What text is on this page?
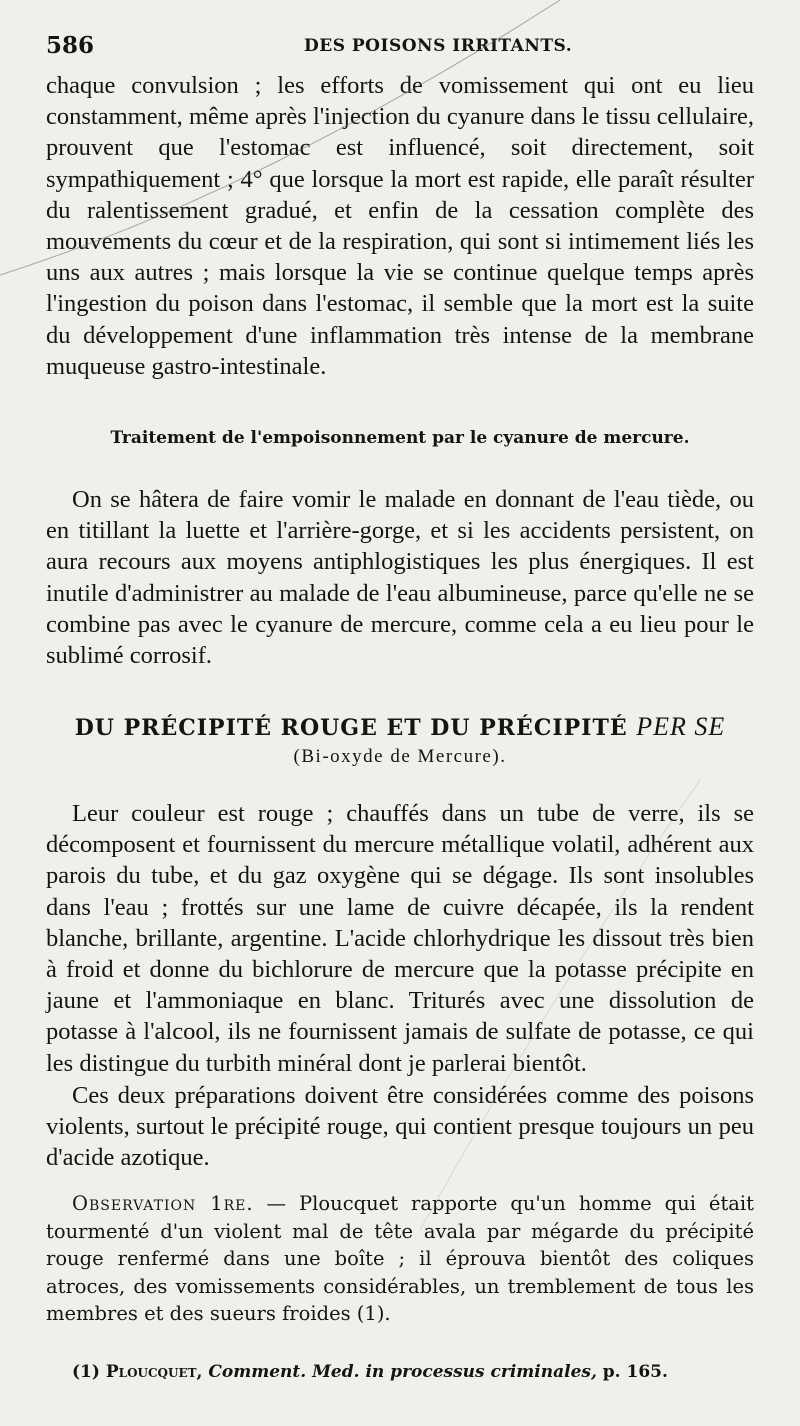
586	DES POISONS IRRITANTS.
chaque convulsion ; les efforts de vomissement qui ont eu lieu constamment, même après l'injection du cyanure dans le tissu cellulaire, prouvent que l'estomac est influencé, soit directement, soit sympathiquement ; 4° que lorsque la mort est rapide, elle paraît résulter du ralentissement gradué, et enfin de la cessation complète des mouvements du cœur et de la respiration, qui sont si intimement liés les uns aux autres ; mais lorsque la vie se continue quelque temps après l'ingestion du poison dans l'estomac, il semble que la mort est la suite du développement d'une inflammation très intense de la membrane muqueuse gastro-intestinale.
Traitement de l'empoisonnement par le cyanure de mercure.
On se hâtera de faire vomir le malade en donnant de l'eau tiède, ou en titillant la luette et l'arrière-gorge, et si les accidents persistent, on aura recours aux moyens antiphlogistiques les plus énergiques. Il est inutile d'administrer au malade de l'eau albumineuse, parce qu'elle ne se combine pas avec le cyanure de mercure, comme cela a eu lieu pour le sublimé corrosif.
DU PRÉCIPITÉ ROUGE ET DU PRÉCIPITÉ PER SE
(Bi-oxyde de Mercure).
Leur couleur est rouge ; chauffés dans un tube de verre, ils se décomposent et fournissent du mercure métallique volatil, adhérent aux parois du tube, et du gaz oxygène qui se dégage. Ils sont insolubles dans l'eau ; frottés sur une lame de cuivre décapée, ils la rendent blanche, brillante, argentine. L'acide chlorhydrique les dissout très bien à froid et donne du bichlorure de mercure que la potasse précipite en jaune et l'ammoniaque en blanc. Triturés avec une dissolution de potasse à l'alcool, ils ne fournissent jamais de sulfate de potasse, ce qui les distingue du turbith minéral dont je parlerai bientôt.
Ces deux préparations doivent être considérées comme des poisons violents, surtout le précipité rouge, qui contient presque toujours un peu d'acide azotique.
Observation 1re. — Ploucquet rapporte qu'un homme qui était tourmenté d'un violent mal de tête avala par mégarde du précipité rouge renfermé dans une boîte ; il éprouva bientôt des coliques atroces, des vomissements considérables, un tremblement de tous les membres et des sueurs froides (1).
(1) Ploucquet, Comment. Med. in processus criminales, p. 165.
